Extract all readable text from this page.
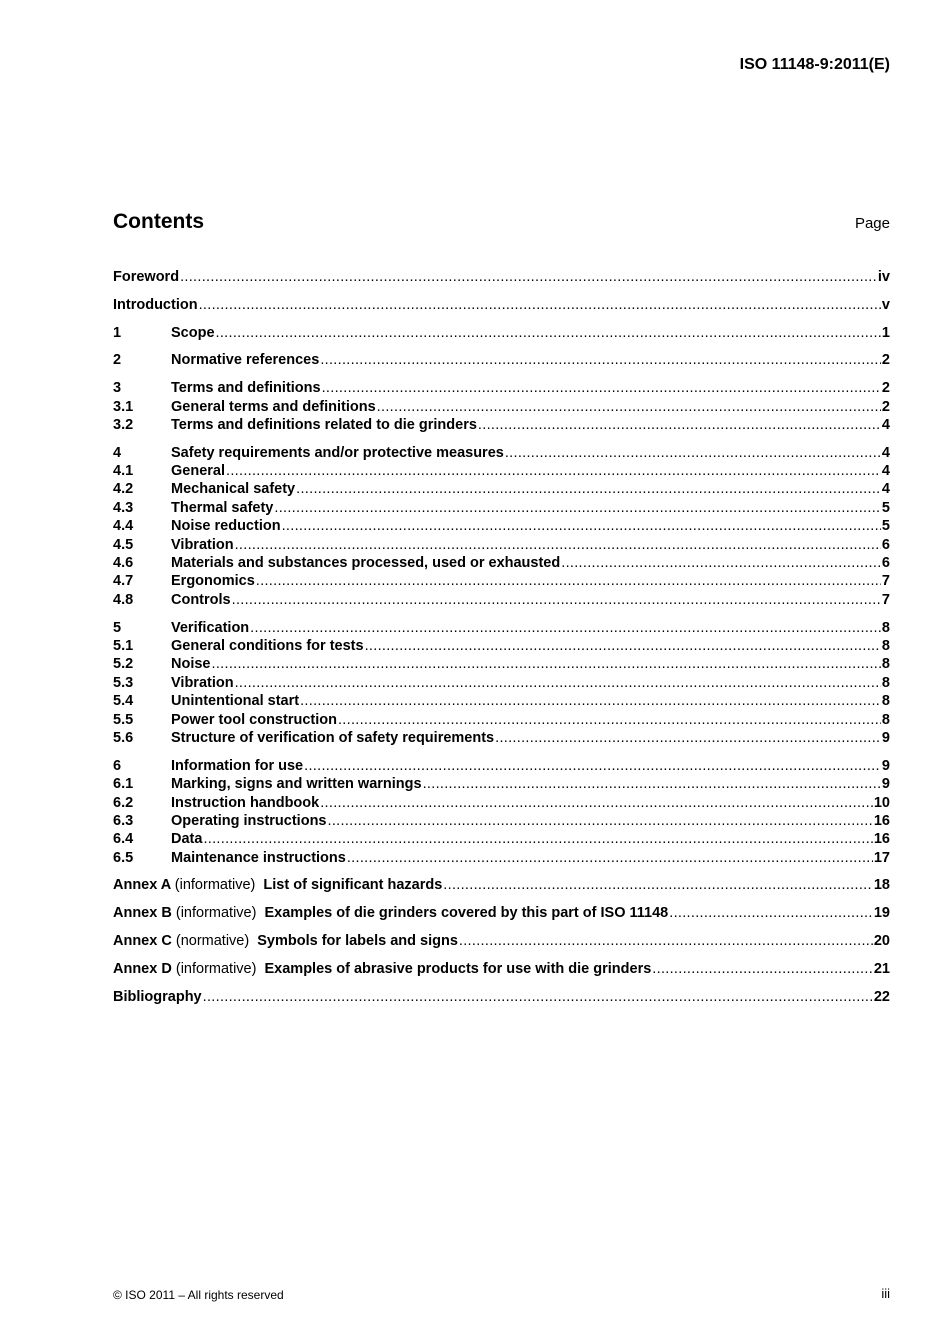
ISO 11148-9:2011(E)
Contents	Page
Foreword .....	iv
Introduction .....	v
1	Scope .....	1
2	Normative references .....	2
3	Terms and definitions .....	2
3.1	General terms and definitions .....	2
3.2	Terms and definitions related to die grinders .....	4
4	Safety requirements and/or protective measures .....	4
4.1	General .....	4
4.2	Mechanical safety .....	4
4.3	Thermal safety .....	5
4.4	Noise reduction .....	5
4.5	Vibration .....	6
4.6	Materials and substances processed, used or exhausted .....	6
4.7	Ergonomics .....	7
4.8	Controls .....	7
5	Verification .....	8
5.1	General conditions for tests .....	8
5.2	Noise .....	8
5.3	Vibration .....	8
5.4	Unintentional start .....	8
5.5	Power tool construction .....	8
5.6	Structure of verification of safety requirements .....	9
6	Information for use .....	9
6.1	Marking, signs and written warnings .....	9
6.2	Instruction handbook .....	10
6.3	Operating instructions .....	16
6.4	Data .....	16
6.5	Maintenance instructions .....	17
Annex A (informative) List of significant hazards .....	18
Annex B (informative) Examples of die grinders covered by this part of ISO 11148 .....	19
Annex C (normative) Symbols for labels and signs .....	20
Annex D (informative) Examples of abrasive products for use with die grinders .....	21
Bibliography .....	22
© ISO 2011 – All rights reserved	iii
